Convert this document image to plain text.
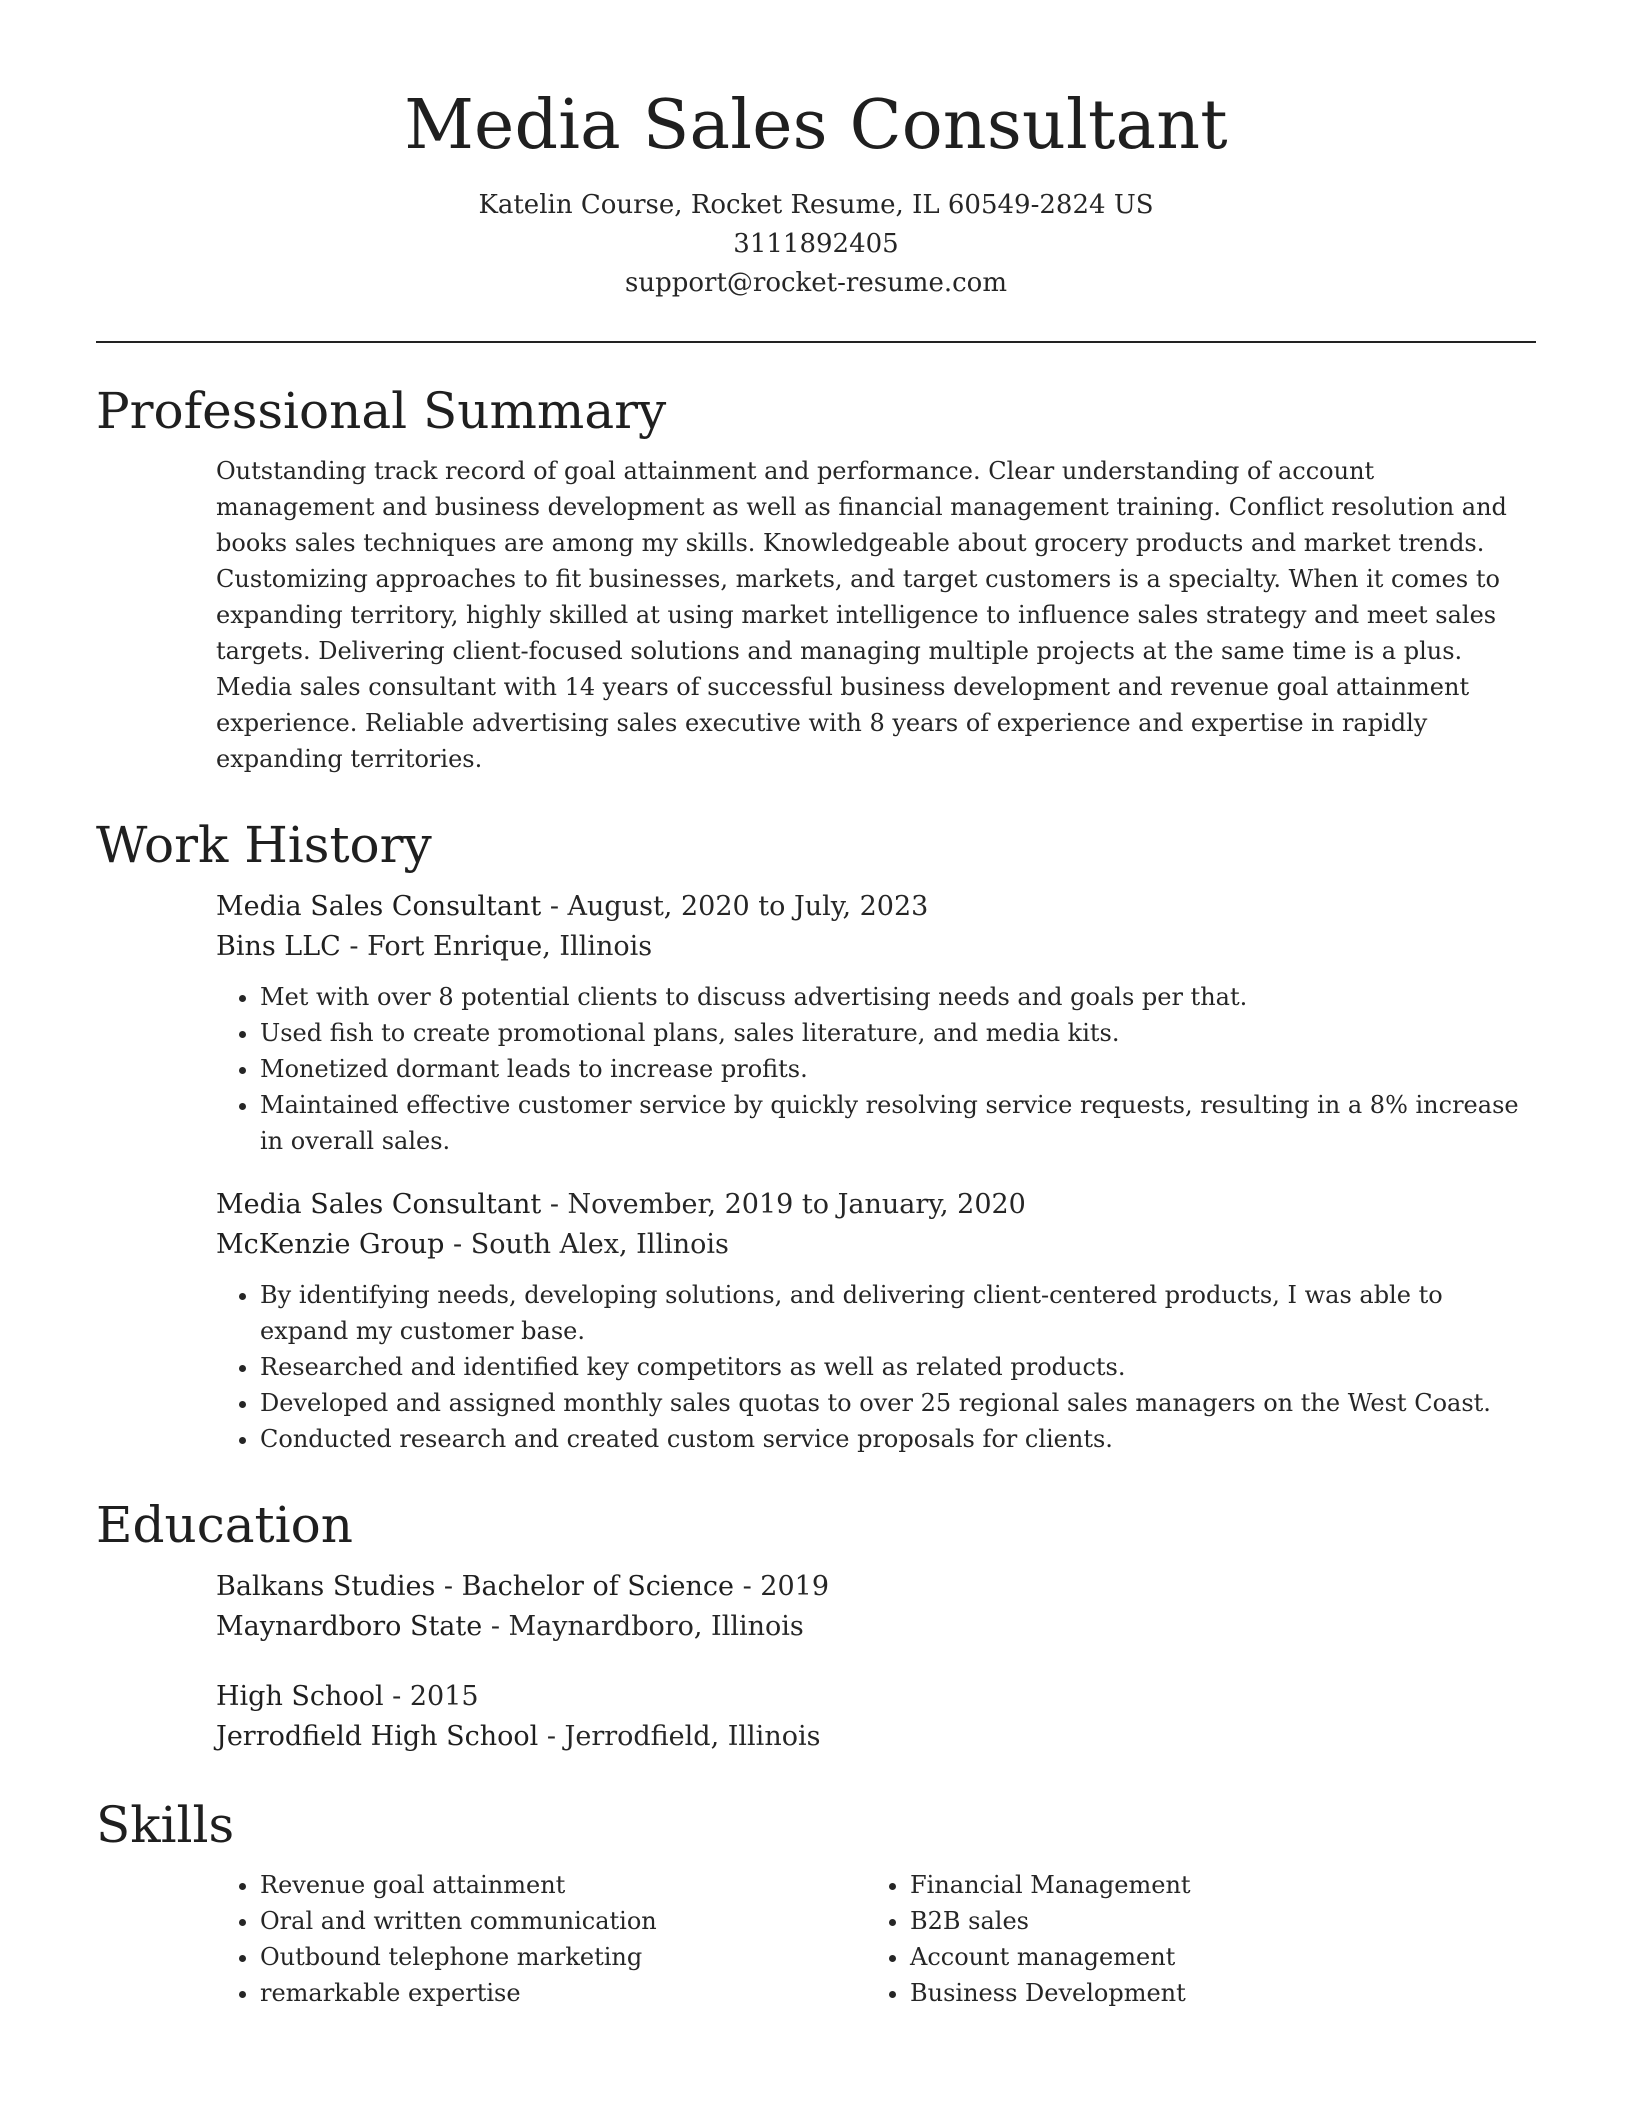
Media Sales Consultant
Katelin Course, Rocket Resume, IL 60549-2824 US
3111892405
support@rocket-resume.com
Professional Summary

Outstanding track record of goal attainment and performance. Clear understanding of account management and business development as well as financial management training. Conflict resolution and books sales techniques are among my skills. Knowledgeable about grocery products and market trends. Customizing approaches to fit businesses, markets, and target customers is a specialty. When it comes to expanding territory, highly skilled at using market intelligence to influence sales strategy and meet sales targets. Delivering client-focused solutions and managing multiple projects at the same time is a plus. Media sales consultant with 14 years of successful business development and revenue goal attainment experience. Reliable advertising sales executive with 8 years of experience and expertise in rapidly expanding territories.

Work History
Media Sales Consultant - August, 2020 to July, 2023
Bins LLC - Fort Enrique, Illinois
• Met with over 8 potential clients to discuss advertising needs and goals per that.
• Used fish to create promotional plans, sales literature, and media kits.
• Monetized dormant leads to increase profits.
• Maintained effective customer service by quickly resolving service requests, resulting in a 8% increase in overall sales.
Media Sales Consultant - November, 2019 to January, 2020
McKenzie Group - South Alex, Illinois
• By identifying needs, developing solutions, and delivering client-centered products, I was able to expand my customer base.
• Researched and identified key competitors as well as related products.
• Developed and assigned monthly sales quotas to over 25 regional sales managers on the West Coast.
• Conducted research and created custom service proposals for clients.
Education
Balkans Studies - Bachelor of Science - 2019
Maynardboro State - Maynardboro, Illinois
High School - 2015
Jerrodfield High School - Jerrodfield, Illinois
Skills
• Revenue goal attainment
• Oral and written communication
• Outbound telephone marketing
• remarkable expertise
• Financial Management
• B2B sales
• Account management
• Business Development
